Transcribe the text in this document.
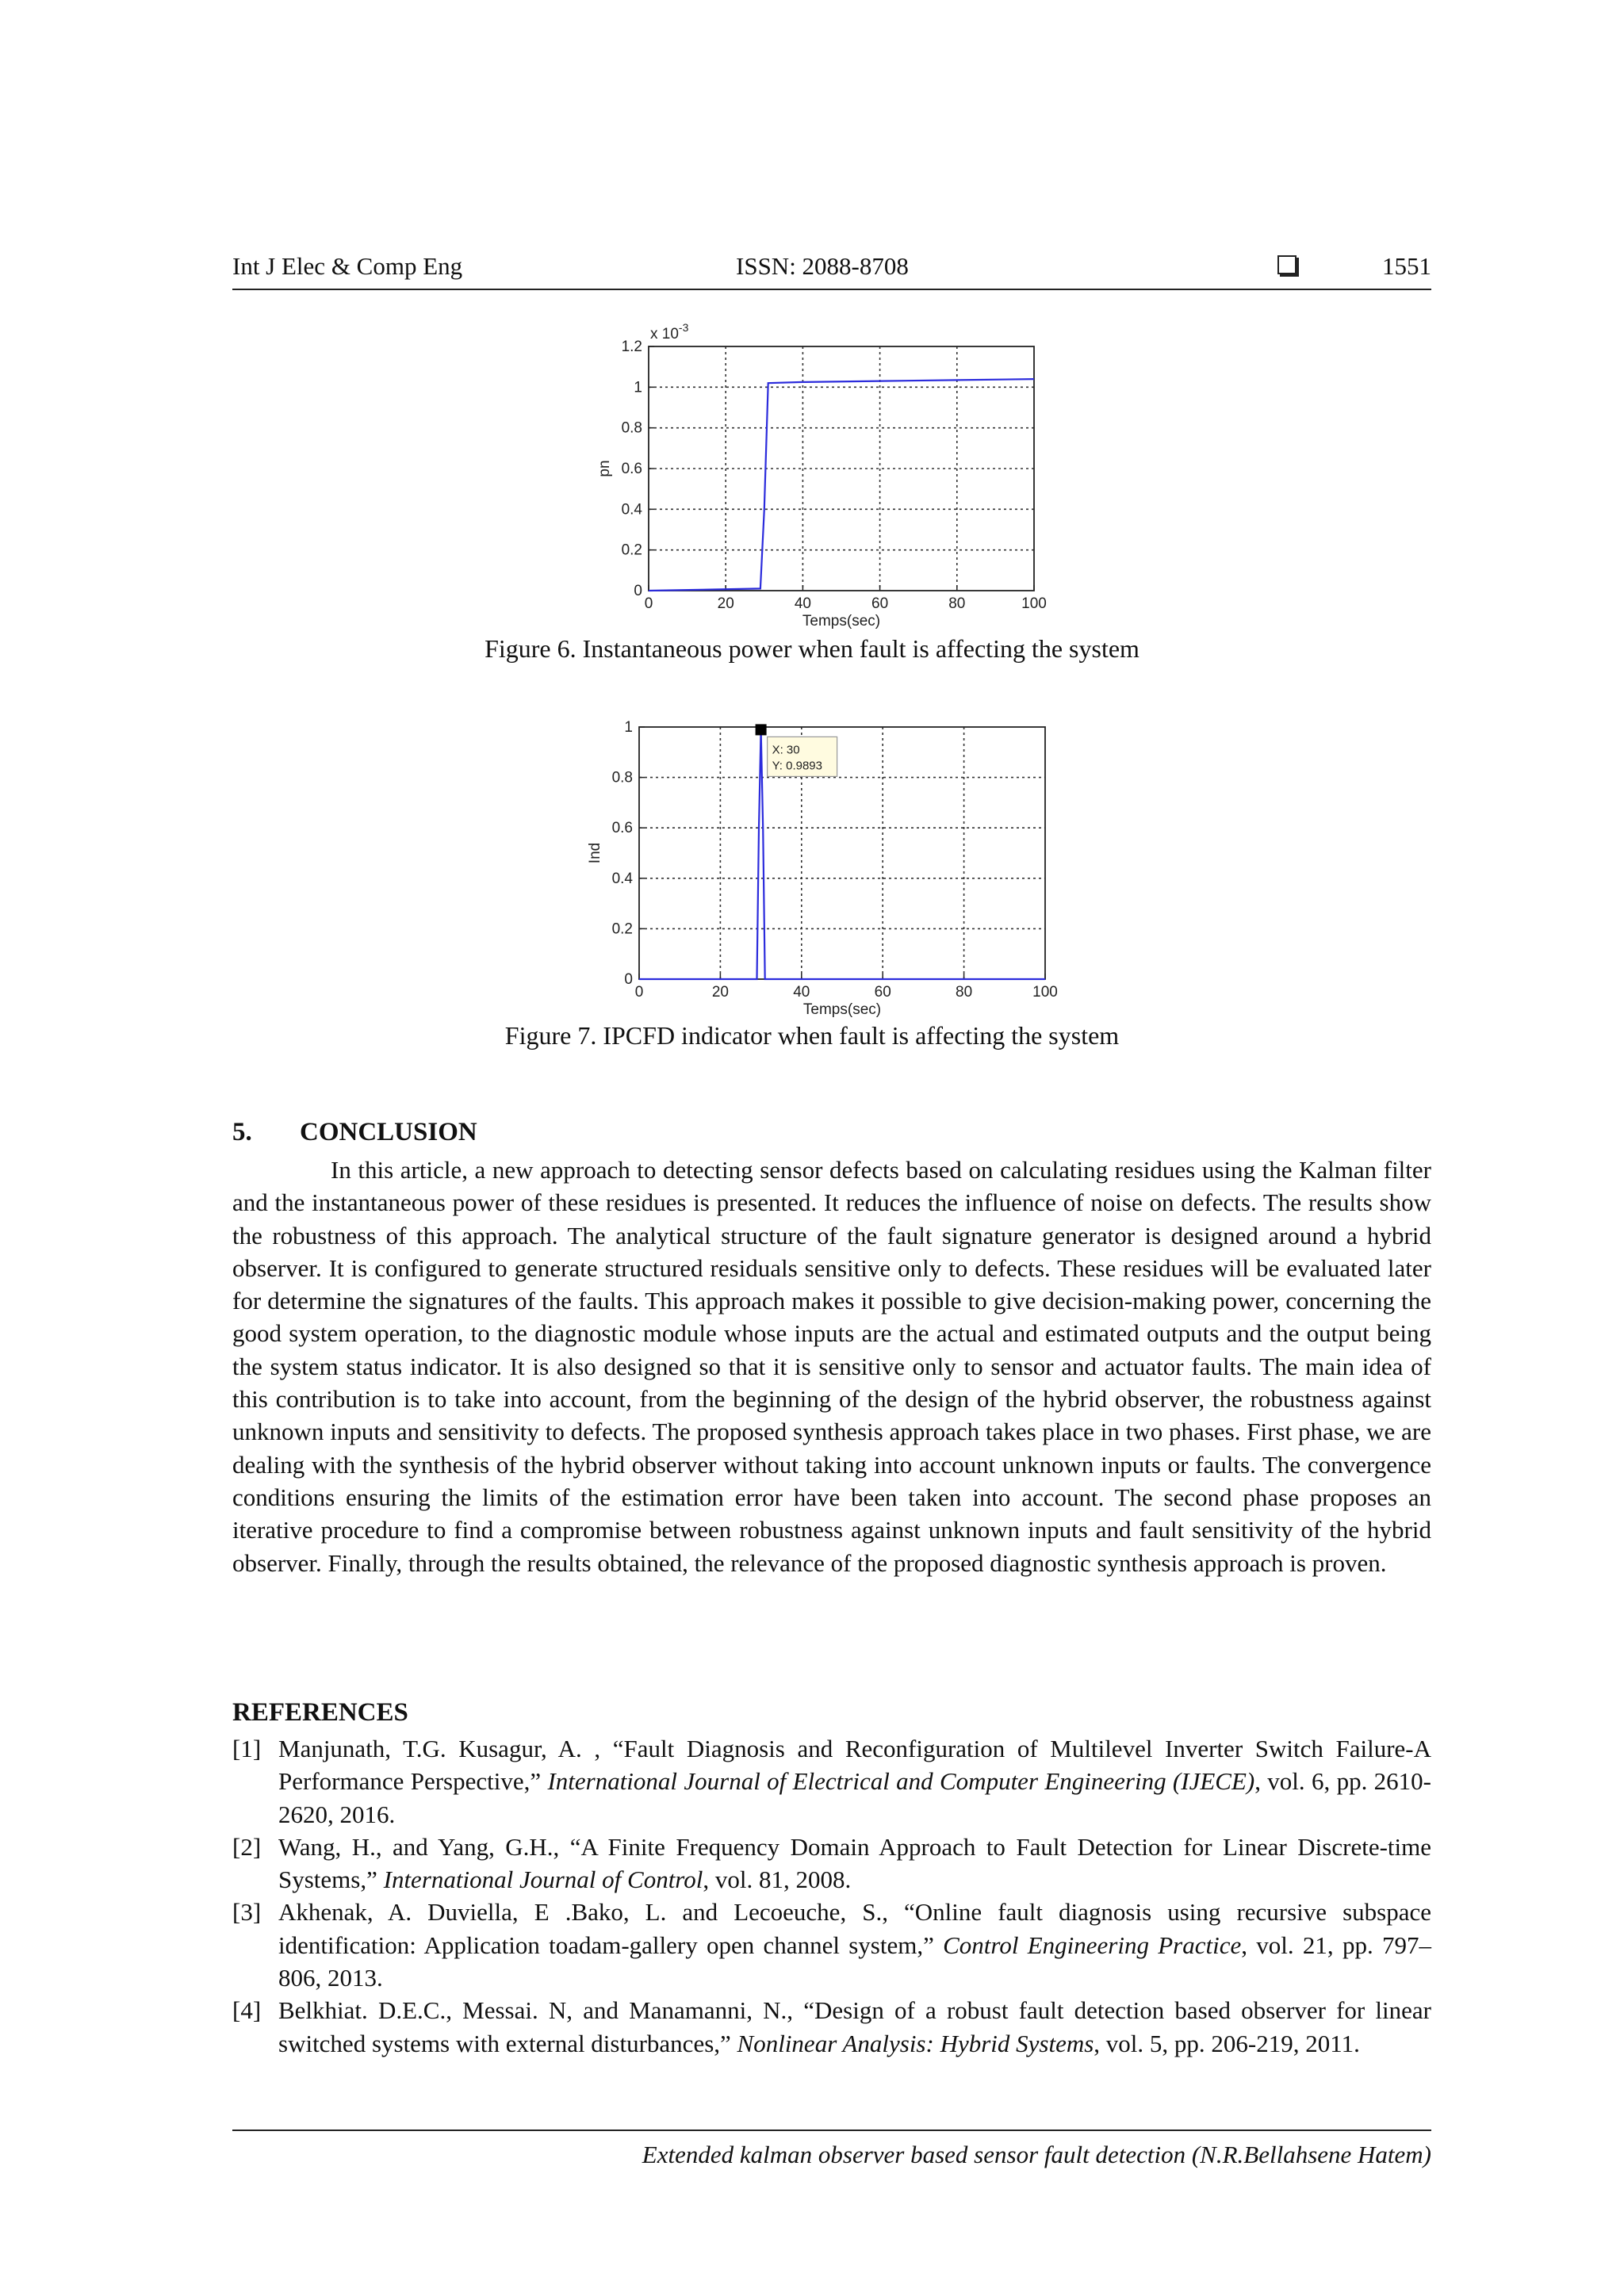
Int J Elec & Comp Eng	ISSN: 2088-8708	1551
0	20	40	60	80	100
0
0.2
0.4
0.6
0.8
1
1.2
Temps(sec)
pn
x $10^{-3}$
Figure 6. Instantaneous power when fault is affecting the system
0	20	40	60	80	100
0
0.2
0.4
0.6
0.8
1
Temps(sec)
Ind
X: 30
Y: 0.9893
Figure 7. IPCFD indicator when fault is affecting the system
5. CONCLUSION

In this article, a new approach to detecting sensor defects based on calculating residues using the Kalman filter and the instantaneous power of these residues is presented. It reduces the influence of noise on defects. The results show the robustness of this approach. The analytical structure of the fault signature generator is designed around a hybrid observer. It is configured to generate structured residuals sensitive only to defects. These residues will be evaluated later for determine the signatures of the faults. This approach makes it possible to give decision-making power, concerning the good system operation, to the diagnostic module whose inputs are the actual and estimated outputs and the output being the system status indicator. It is also designed so that it is sensitive only to sensor and actuator faults. The main idea of this contribution is to take into account, from the beginning of the design of the hybrid observer, the robustness against unknown inputs and sensitivity to defects. The proposed synthesis approach takes place in two phases. First phase, we are dealing with the synthesis of the hybrid observer without taking into account unknown inputs or faults. The convergence conditions ensuring the limits of the estimation error have been taken into account. The second phase proposes an iterative procedure to find a compromise between robustness against unknown inputs and fault sensitivity of the hybrid observer. Finally, through the results obtained, the relevance of the proposed diagnostic synthesis approach is proven.

REFERENCES

[1] Manjunath, T.G. Kusagur, A. , “Fault Diagnosis and Reconfiguration of Multilevel Inverter Switch Failure-A Performance Perspective,” International Journal of Electrical and Computer Engineering (IJECE), vol. 6, pp. 2610-2620, 2016.

[2] Wang, H., and Yang, G.H., “A Finite Frequency Domain Approach to Fault Detection for Linear Discrete-time Systems,” International Journal of Control, vol. 81, 2008.

[3] Akhenak, A. Duviella, E .Bako, L. and Lecoeuche, S., “Online fault diagnosis using recursive subspace identification: Application toadam-gallery open channel system,” Control Engineering Practice, vol. 21, pp. 797–806, 2013.

[4] Belkhiat. D.E.C., Messai. N, and Manamanni, N., “Design of a robust fault detection based observer for linear switched systems with external disturbances,” Nonlinear Analysis: Hybrid Systems, vol. 5, pp. 206-219, 2011.

Extended kalman observer based sensor fault detection (N.R.Bellahsene Hatem)
